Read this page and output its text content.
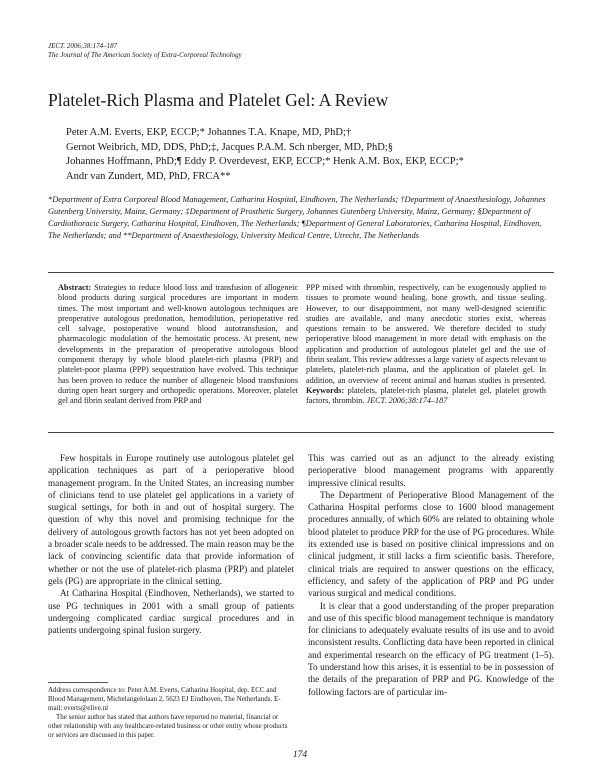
JECT. 2006;38:174–187
The Journal of The American Society of Extra-Corporeal Technology
Platelet-Rich Plasma and Platelet Gel: A Review
Peter A.M. Everts, EKP, ECCP;* Johannes T.A. Knape, MD, PhD;†
Gernot Weibrich, MD, DDS, PhD;‡, Jacques P.A.M. Sch nberger, MD, PhD;§
Johannes Hoffmann, PhD;¶ Eddy P. Overdevest, EKP, ECCP;* Henk A.M. Box, EKP, ECCP;*
Andr van Zundert, MD, PhD, FRCA**
*Department of Extra Corporeal Blood Management, Catharina Hospital, Eindhoven, The Netherlands; †Department of Anaesthesiology, Johannes Gutenberg University, Mainz, Germany; ‡Department of Prosthetic Surgery, Johannes Gutenberg University, Mainz, Germany; §Department of Cardiothoracic Surgery, Catharina Hospital, Eindhoven, The Netherlands; ¶Department of General Laboratories, Catharina Hospital, Eindhoven, The Netherlands; and **Department of Anaesthesiology, University Medical Centre, Utrecht, The Netherlands
Abstract: Strategies to reduce blood loss and transfusion of allogeneic blood products during surgical procedures are important in modern times. The most important and well-known autologous techniques are preoperative autologous predonation, hemodilution, perioperative red cell salvage, postoperative wound blood autotransfusion, and pharmacologic modulation of the hemostatic process. At present, new developments in the preparation of preoperative autologous blood component therapy by whole blood platelet-rich plasma (PRP) and platelet-poor plasma (PPP) sequestration have evolved. This technique has been proven to reduce the number of allogeneic blood transfusions during open heart surgery and orthopedic operations. Moreover, platelet gel and fibrin sealant derived from PRP and
PPP mixed with thrombin, respectively, can be exogenously applied to tissues to promote wound healing, bone growth, and tissue sealing. However, to our disappointment, not many well-designed scientific studies are available, and many anecdotic stories exist, whereas questions remain to be answered. We therefore decided to study perioperative blood management in more detail with emphasis on the application and production of autologous platelet gel and the use of fibrin sealant. This review addresses a large variety of aspects relevant to platelets, platelet-rich plasma, and the application of platelet gel. In addition, an overview of recent animal and human studies is presented. Keywords: platelets, platelet-rich plasma, platelet gel, platelet growth factors, thrombin. JECT. 2006;38:174–187

Few hospitals in Europe routinely use autologous platelet gel application techniques as part of a perioperative blood management program. In the United States, an increasing number of clinicians tend to use platelet gel applications in a variety of surgical settings, for both in and out of hospital surgery. The question of why this novel and promising technique for the delivery of autologous growth factors has not yet been adopted on a broader scale needs to be addressed. The main reason may be the lack of convincing scientific data that provide information of whether or not the use of platelet-rich plasma (PRP) and platelet gels (PG) are appropriate in the clinical setting.

At Catharina Hospital (Eindhoven, Netherlands), we started to use PG techniques in 2001 with a small group of patients undergoing complicated cardiac surgical procedures and in patients undergoing spinal fusion surgery.

This was carried out as an adjunct to the already existing perioperative blood management programs with apparently impressive clinical results.

The Department of Perioperative Blood Management of the Catharina Hospital performs close to 1600 blood management procedures annually, of which 60% are related to obtaining whole blood platelet to produce PRP for the use of PG procedures. While its extended use is based on positive clinical impressions and on clinical judgment, it still lacks a firm scientific basis. Therefore, clinical trials are required to answer questions on the efficacy, efficiency, and safety of the application of PRP and PG under various surgical and medical conditions.

It is clear that a good understanding of the proper preparation and use of this specific blood management technique is mandatory for clinicians to adequately evaluate results of its use and to avoid inconsistent results. Conflicting data have been reported in clinical and experimental research on the efficacy of PG treatment (1–5). To understand how this arises, it is essential to be in possession of the details of the preparation of PRP and PG. Knowledge of the following factors are of particular im-

Address correspondence to: Peter A.M. Everts, Catharina Hospital, dep. ECC and Blood Management, Michelangelolaan 2, 5623 EJ Eindhoven, The Netherlands. E-mail: everts@elive.nl

The senior author has stated that authors have reported no material, financial or other relationship with any healthcare-related business or other entity whose products or services are discussed in this paper.

174
